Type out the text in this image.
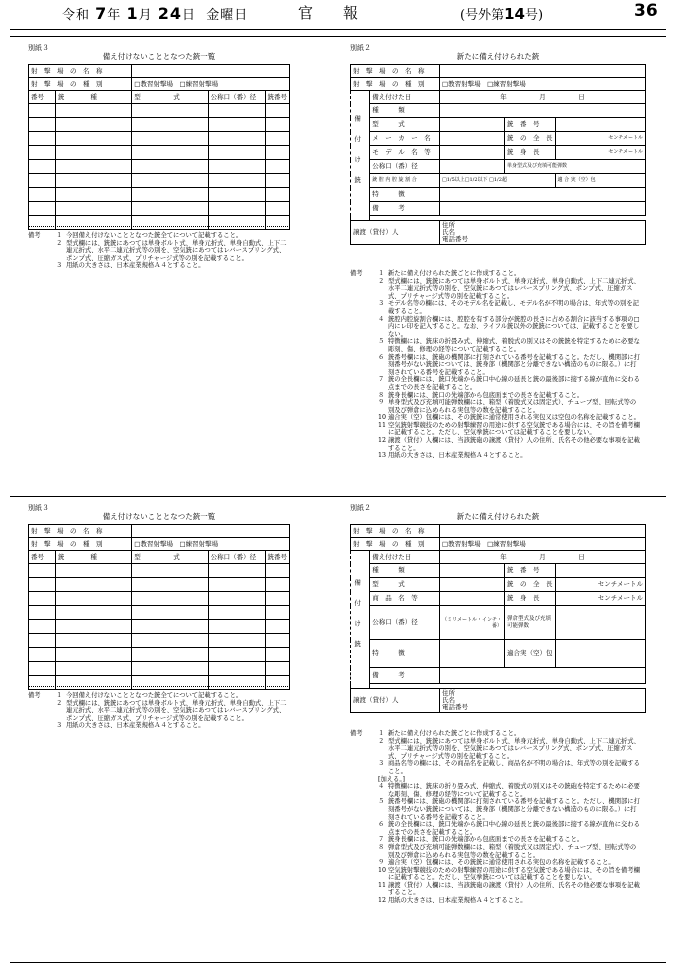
令和 7年 1月 24日 金曜日	官報	(号外第14号)	36
別紙３
備え付けないこととなつた銃一覧
射　撃　場　の　名　称				
射　撃　場　の　種　別		□教習射撃場　 □練習射撃場		
番号	銃　　　　種	型　　　　　式	公称口（番）径	銃番号

備考 １ 今回備え付けないこととなつた銃全てについて記載すること。
２ 型式欄には、銃銃にあつては単身ボルト式、単身元折式、単身自動式、上下二連元折式、水平二連元折式等の別を、空気銃にあつてはレバースプリング式、ポンプ式、圧縮ガス式、プリチャージ式等の別を記載すること。
３ 用紙の大きさは、日本産業規格Ａ４とすること。
別紙２
新たに備え付けられた銃
射　撃　場　の　名　称				
射　撃　場　の　種　別		□教習射撃場　 □練習射撃場		

備付け銃	備え付けた日	年　　　　　 月　　　　　 日		
	種　　　類			
	型　　　式		銃　番　号	
	メ　ー　カ　ー　名		銃　の　全　長	センチメートル
	モ　デ　ル　名　等		銃　身　長	センチメートル
	公称口（番）径		単身型式及び充填可能弾数	
	銃 腔 内 腔 旋 割 合	□1/5以上□1/2以下 □1/2超		適 合 実（空）包
	特　　　徴			
	備　　　考			

譲渡（貸付）人		住所
氏名
電話番号		
備考 １ 新たに備え付けられた銃ごとに作成すること。
２ 型式欄には、銃銃にあつては単身ボルト式、単身元折式、単身自動式、上下二連元折式、水平二連元折式等の別を、空気銃にあつてはレバースプリング式、ポンプ式、圧縮ガス式、プリチャージ式等の別を記載すること。
３ モデル名等の欄には、そのモデル名を記載し、モデル名が不明の場合は、年式等の別を記載すること。
４ 銃腔内腔旋割合欄には、腔腔を有する部分が銃腔の長さに占める割合に該当する事項の□内にレ印を記入すること。なお、ライフル銃以外の銃銃については、記載することを要しない。
５ 特徴欄には、銃床の折畳み式、伸縮式、着脱式の別又はその銃銃を特定するために必要な彫刻、傷、修理の経等について記載すること。
６ 銃番号欄には、銃砲の機関部に打刻されている番号を記載すること。ただし、機関部に打刻番号がない銃銃については、銃身部（機関部と分離できない構造のものに限る。）に打刻されている番号を記載すること。
７ 銃の全長欄には、銃口先端から銃口中心線の延長と銃の最後部に接する線が直角に交わる点までの長さを記載すること。
８ 銃身長欄には、銃口の先端部から包底面までの長さを記載すること。
９ 単身型式及び充填可能弾数欄には、箱型（着脱式又は固定式）、チューブ型、回転式等の別及び弾倉に込められる実包等の数を記載すること。
10 適合実（空）包欄には、その銃銃に通常使用される実包又は空包の名称を記載すること。
11 空気銃射撃競技のための射撃練習の用途に供する空気銃である場合には、その旨を備考欄に記載すること。ただし、空気拳銃については記載することを要しない。
12 譲渡（貸付）人欄には、当該銃砲の譲渡（貸付）人の住所、氏名その他必要な事項を記載すること。
13 用紙の大きさは、日本産業規格Ａ４とすること。
別紙３
備え付けないこととなつた銃一覧
射　撃　場　の　名　称				
射　撃　場　の　種　別		□教習射撃場　 □練習射撃場		
番号	銃　　　　種	型　　　　　式	公称口（番）径	銃番号

備考 １ 今回備え付けないこととなつた銃全てについて記載すること。
２ 型式欄には、銃銃にあつては単身ボルト式、単身元折式、単身自動式、上下二連元折式、水平二連元折式等の別を、空気銃にあつてはレバースプリング式、ポンプ式、圧縮ガス式、プリチャージ式等の別を記載すること。
３ 用紙の大きさは、日本産業規格Ａ４とすること。
別紙２
新たに備え付けられた銃
射　撃　場　の　名　称				
射　撃　場　の　種　別		□教習射撃場　 □練習射撃場		

備付け銃	備え付けた日	年　　　　　 月　　　　　 日		
	種　　　類		銃　番　号	
	型　　　式		銃　の　全　長	センチメートル
	商　品　名　等		銃　身　長	センチメートル
	公称口（番）径	（ミリメートル・インチ・番）	弾倉型式及び充填可能弾数	
	特　　　徴		適合実（空）包	
	備　　　考			

譲渡（貸付）人		住所
氏名
電話番号		
備考 １ 新たに備え付けられた銃ごとに作成すること。
２ 型式欄には、銃銃にあつては単身ボルト式、単身元折式、単身自動式、上下二連元折式、水平二連元折式等の別を、空気銃にあつてはレバースプリング式、ポンプ式、圧縮ガス式、プリチャージ式等の別を記載すること。
３ 商品名等の欄には、その商品名を記載し、商品名が不明の場合は、年式等の別を記載すること。
[加える。]
４ 特徴欄には、銃床の折り畳み式、伸縮式、着脱式の別又はその銃砲を特定するために必要な彫刻、傷、修理の経等について記載すること。
５ 銃番号欄には、銃砲の機関部に打刻されている番号を記載すること。ただし、機関部に打刻番号がない銃銃については、銃身部（機関部と分離できない構造のものに限る。）に打刻されている番号を記載すること。
６ 銃の全長欄には、銃口先端から銃口中心線の延長と銃の最後部に接する線が直角に交わる点までの長さを記載すること。
７ 銃身長欄には、銃口の先端部から包底面までの長さを記載すること。
８ 弾倉型式及び充填可能弾数欄には、箱型（着脱式又は固定式）、チューブ型、回転式等の別及び弾倉に込められる実包等の数を記載すること。
９ 適合実（空）包欄には、その銃銃に通常使用される実包の名称を記載すること。
10 空気銃射撃競技のための射撃練習の用途に供する空気銃である場合には、その旨を備考欄に記載すること。ただし、空気拳銃については記載することを要しない。
11 譲渡（貸付）人欄には、当該銃砲の譲渡（貸付）人の住所、氏名その他必要な事項を記載すること。
12 用紙の大きさは、日本産業規格Ａ４とすること。
